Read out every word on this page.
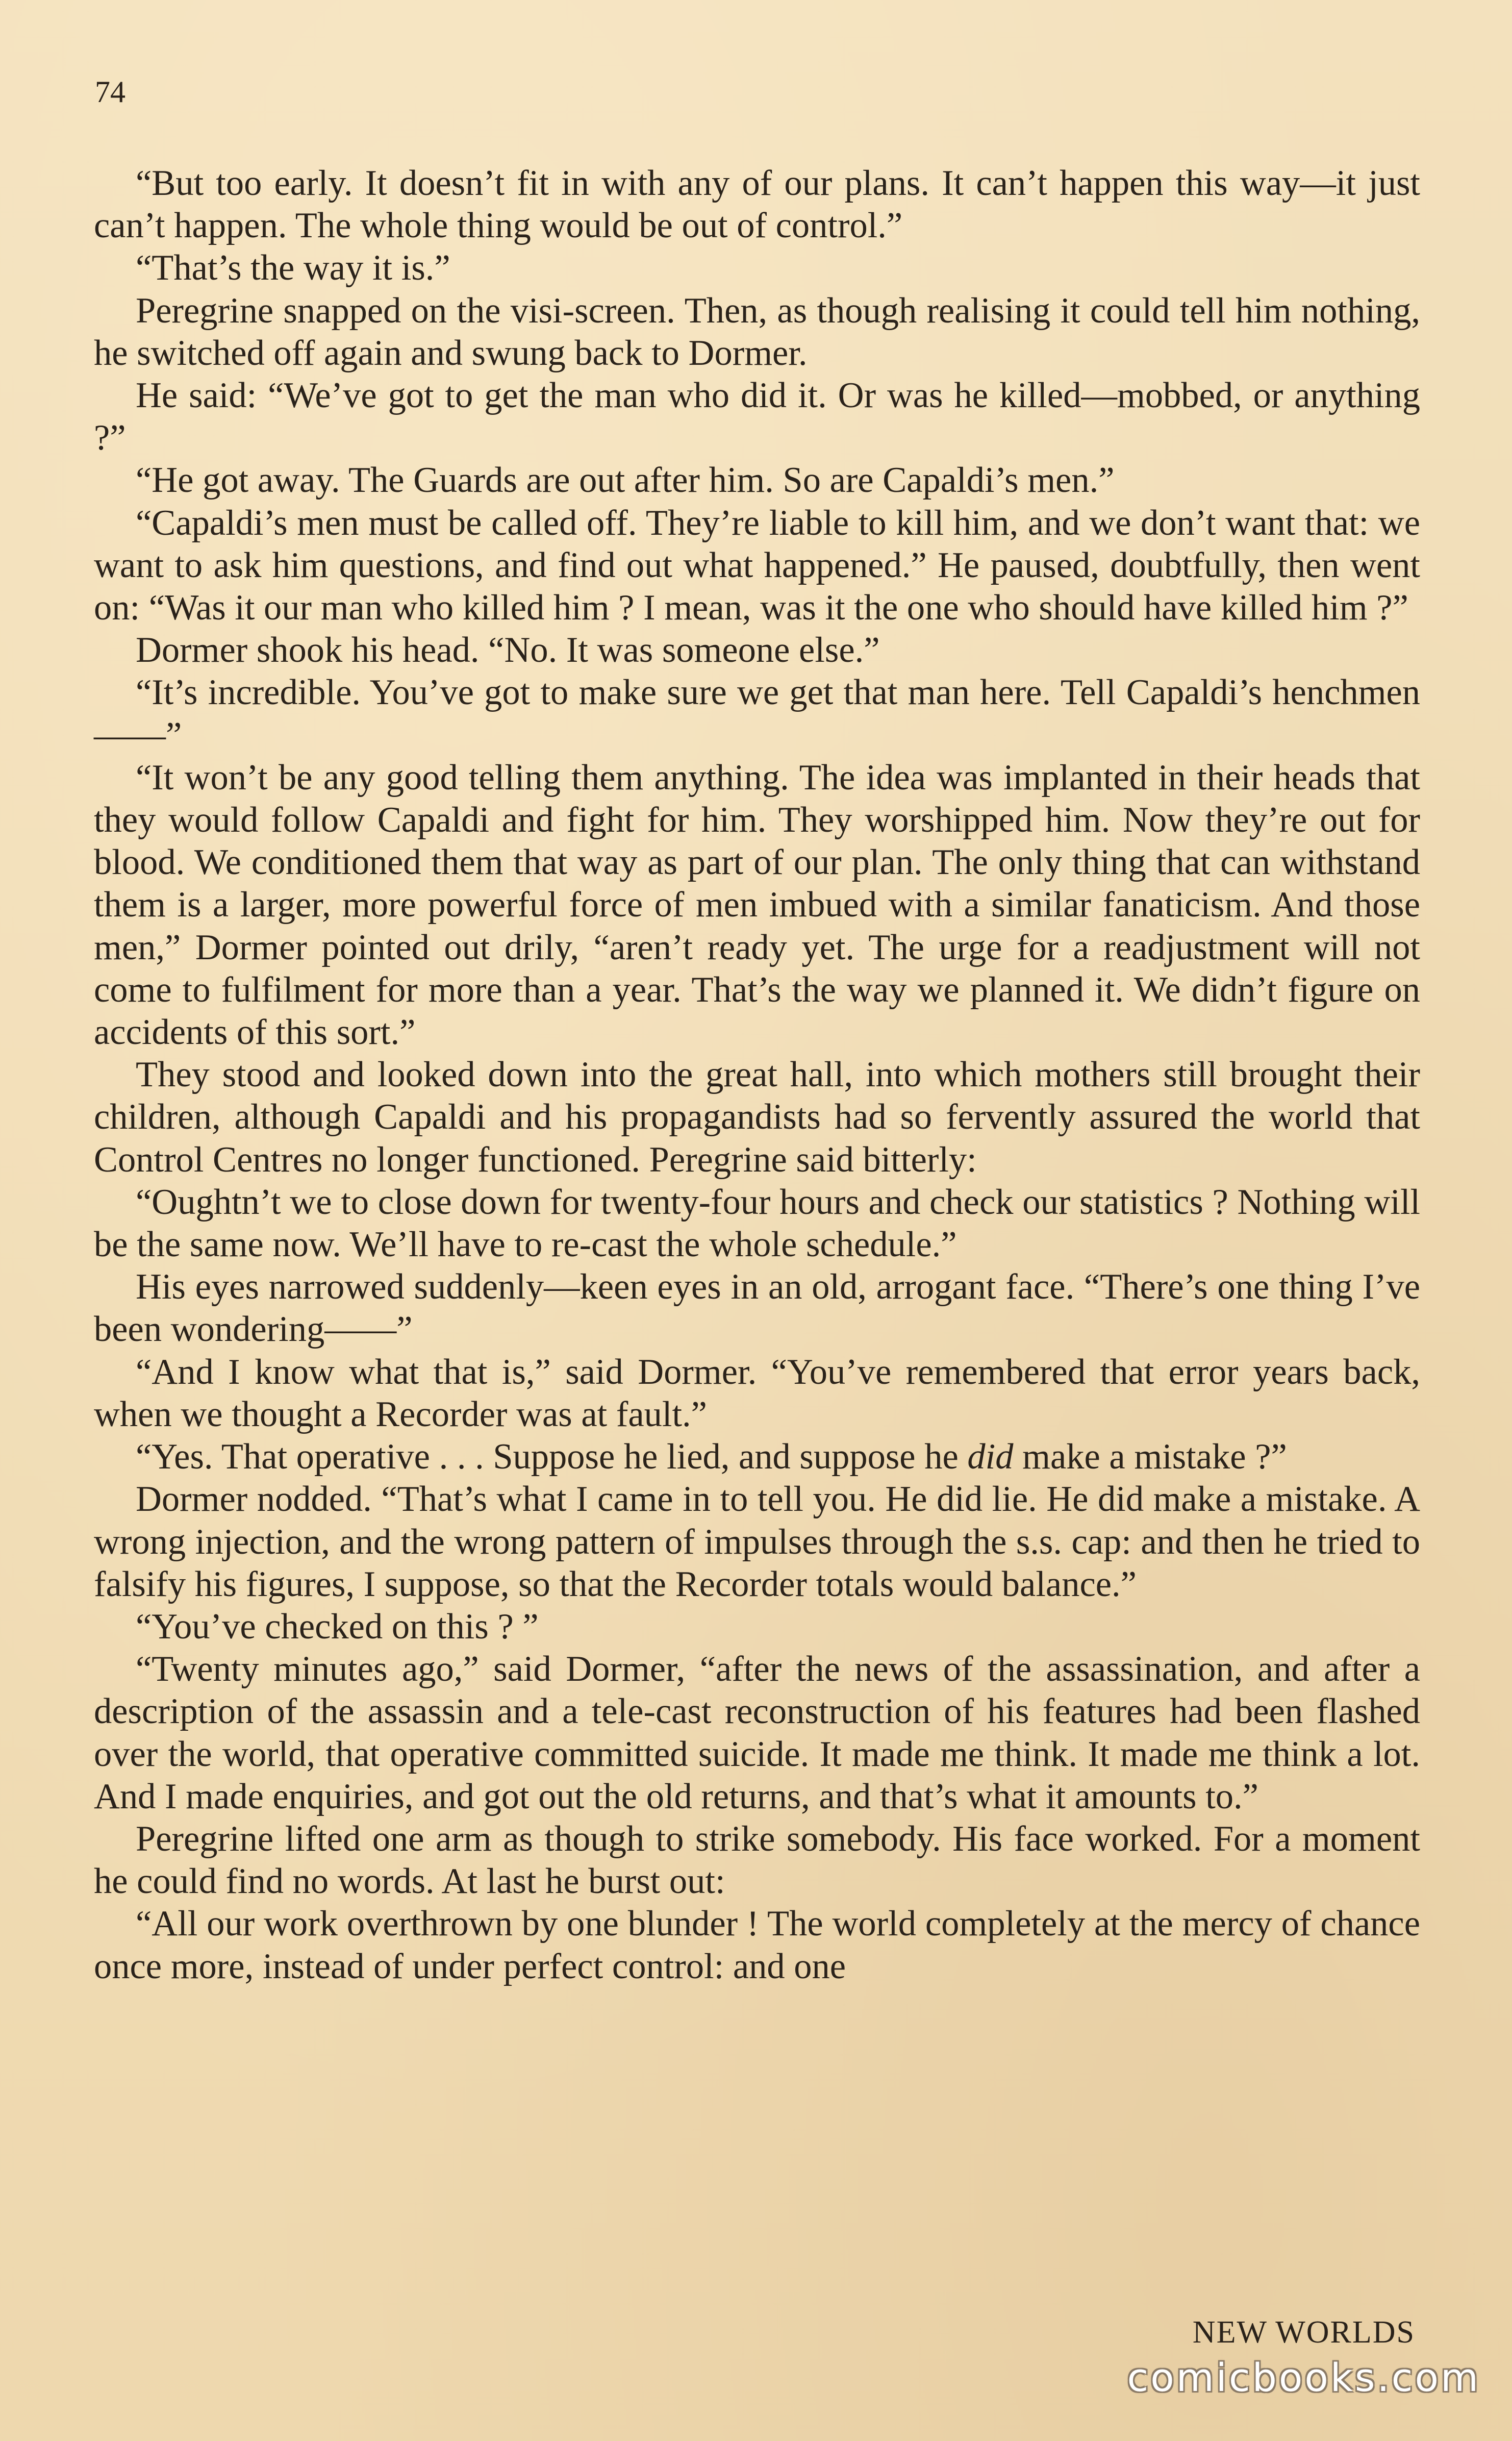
74

“But too early. It doesn’t fit in with any of our plans. It can’t happen this way—it just can’t happen. The whole thing would be out of control.”

“That’s the way it is.”

Peregrine snapped on the visi-screen. Then, as though realising it could tell him nothing, he switched off again and swung back to Dormer.

He said: “We’ve got to get the man who did it. Or was he killed—mobbed, or anything ?”

“He got away. The Guards are out after him. So are Capaldi’s men.”

“Capaldi’s men must be called off. They’re liable to kill him, and we don’t want that: we want to ask him questions, and find out what happened.” He paused, doubtfully, then went on: “Was it our man who killed him ? I mean, was it the one who should have killed him ?”

Dormer shook his head. “No. It was someone else.”

“It’s incredible. You’ve got to make sure we get that man here. Tell Capaldi’s henchmen——”

“It won’t be any good telling them anything. The idea was implanted in their heads that they would follow Capaldi and fight for him. They worshipped him. Now they’re out for blood. We conditioned them that way as part of our plan. The only thing that can withstand them is a larger, more powerful force of men imbued with a similar fanaticism. And those men,” Dormer pointed out drily, “aren’t ready yet. The urge for a readjustment will not come to fulfilment for more than a year. That’s the way we planned it. We didn’t figure on accidents of this sort.”

They stood and looked down into the great hall, into which mothers still brought their children, although Capaldi and his propagandists had so fervently assured the world that Control Centres no longer functioned. Peregrine said bitterly:

“Oughtn’t we to close down for twenty-four hours and check our statistics ? Nothing will be the same now. We’ll have to re-cast the whole schedule.”

His eyes narrowed suddenly—keen eyes in an old, arrogant face. “There’s one thing I’ve been wondering——”

“And I know what that is,” said Dormer. “You’ve remembered that error years back, when we thought a Recorder was at fault.”

“Yes. That operative . . . Suppose he lied, and suppose he did make a mistake ?”

Dormer nodded. “That’s what I came in to tell you. He did lie. He did make a mistake. A wrong injection, and the wrong pattern of impulses through the s.s. cap: and then he tried to falsify his figures, I suppose, so that the Recorder totals would balance.”

“You’ve checked on this ? ”

“Twenty minutes ago,” said Dormer, “after the news of the assassination, and after a description of the assassin and a tele-cast reconstruction of his features had been flashed over the world, that operative committed suicide. It made me think. It made me think a lot. And I made enquiries, and got out the old returns, and that’s what it amounts to.”

Peregrine lifted one arm as though to strike somebody. His face worked. For a moment he could find no words. At last he burst out:

“All our work overthrown by one blunder ! The world completely at the mercy of chance once more, instead of under perfect control: and one

NEW WORLDS
comicbooks.com
